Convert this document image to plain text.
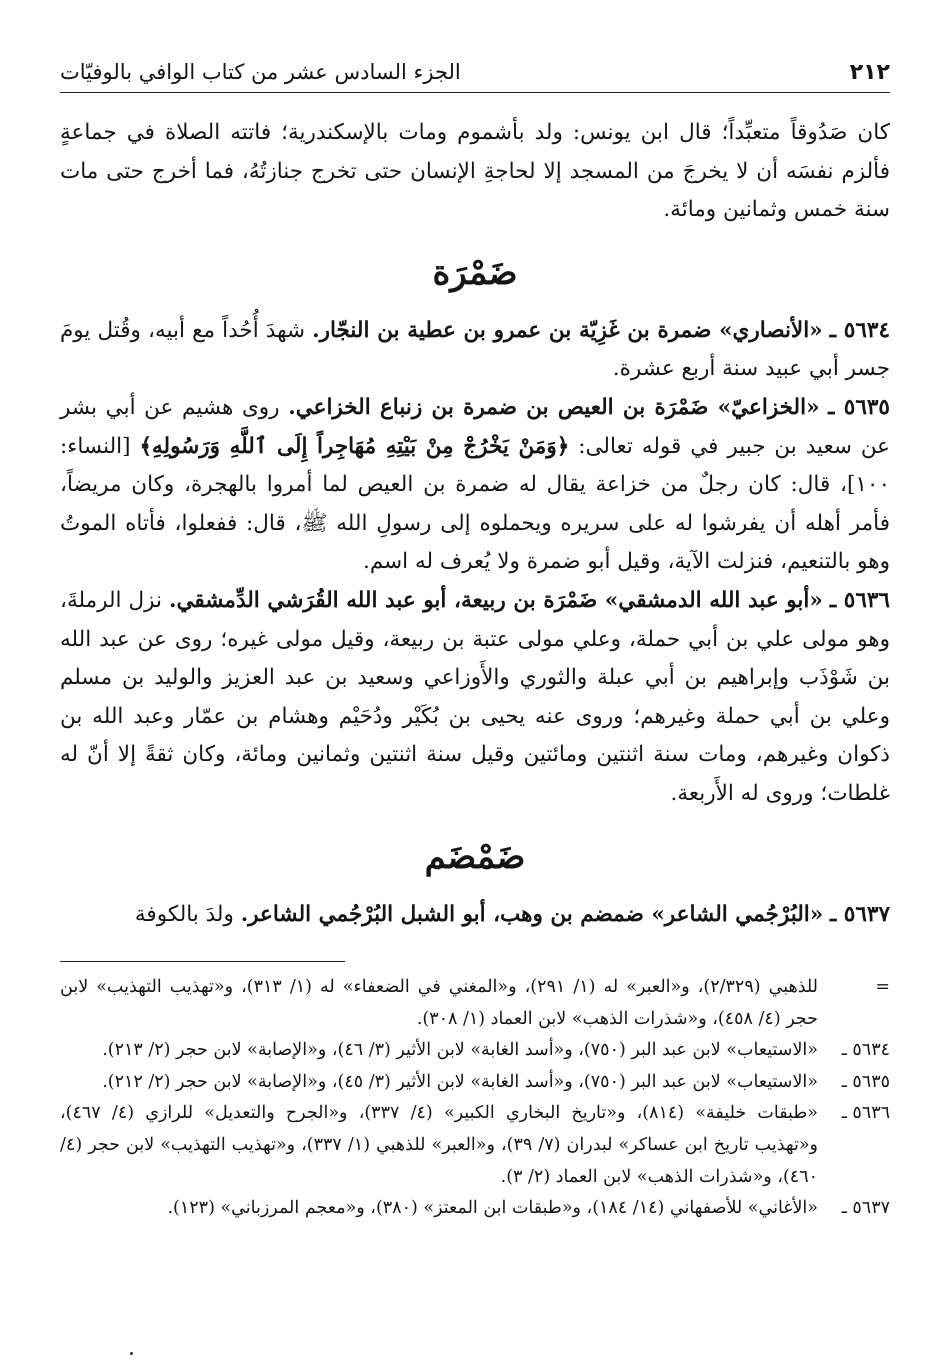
٢١٢
الجزء السادس عشر من كتاب الوافي بالوفيّات

كان صَدُوقاً متعبِّداً؛ قال ابن يونس: ولد بأشموم ومات بالإسكندرية؛ فاتته الصلاة في جماعةٍ فألزم نفسَه أن لا يخرجَ من المسجد إلا لحاجةِ الإنسان حتى تخرج جنازتُهُ، فما أخرج حتى مات سنة خمس وثمانين ومائة.

ضَمْرَة

٥٦٣٤ ـ «الأنصاري» ضمرة بن غَزِيّة بن عمرو بن عطية بن النجّار. شهدَ أُحُداً مع أبيه، وقُتل يومَ جسر أبي عبيد سنة أربع عشرة.

٥٦٣٥ ـ «الخزاعيّ» ضَمْرَة بن العيص بن ضمرة بن زنباع الخزاعي. روى هشيم عن أبي بشر عن سعيد بن جبير في قوله تعالى: ﴿وَمَنْ يَخْرُجْ مِنْ بَيْتِهِ مُهَاجِراً إِلَى ٱللَّهِ وَرَسُولِهِ﴾ [النساء: ١٠٠]، قال: كان رجلٌ من خزاعة يقال له ضمرة بن العيص لما أمروا بالهجرة، وكان مريضاً، فأمر أهله أن يفرشوا له على سريره ويحملوه إلى رسولِ الله ﷺ، قال: ففعلوا، فأتاه الموتُ وهو بالتنعيم، فنزلت الآية، وقيل أبو ضمرة ولا يُعرف له اسم.

٥٦٣٦ ـ «أبو عبد الله الدمشقي» ضَمْرَة بن ربيعة، أبو عبد الله القُرَشي الدِّمشقي. نزل الرملةَ، وهو مولى علي بن أبي حملة، وعلي مولى عتبة بن ربيعة، وقيل مولى غيره؛ روى عن عبد الله بن شَوْذَب وإبراهيم بن أبي عبلة والثوري والأَوزاعي وسعيد بن عبد العزيز والوليد بن مسلم وعلي بن أبي حملة وغيرهم؛ وروى عنه يحيى بن بُكَيْر ودُحَيْم وهشام بن عمّار وعبد الله بن ذكوان وغيرهم، ومات سنة اثنتين ومائتين وقيل سنة اثنتين وثمانين ومائة، وكان ثقةً إلا أنّ له غلطات؛ وروى له الأَربعة.

ضَمْضَم

٥٦٣٧ ـ «البُرْجُمي الشاعر» ضمضم بن وهب، أبو الشبل البُرْجُمي الشاعر. ولدَ بالكوفة

=
للذهبي (٢/٣٢٩)، و«العبر» له (١/ ٢٩١)، و«المغني في الضعفاء» له (١/ ٣١٣)، و«تهذيب التهذيب» لابن حجر (٤/ ٤٥٨)، و«شذرات الذهب» لابن العماد (١/ ٣٠٨).
٥٦٣٤ ـ
«الاستيعاب» لابن عبد البر (٧٥٠)، و«أسد الغابة» لابن الأثير (٣/ ٤٦)، و«الإصابة» لابن حجر (٢/ ٢١٣).
٥٦٣٥ ـ
«الاستيعاب» لابن عبد البر (٧٥٠)، و«أسد الغابة» لابن الأثير (٣/ ٤٥)، و«الإصابة» لابن حجر (٢/ ٢١٢).
٥٦٣٦ ـ
«طبقات خليفة» (٨١٤)، و«تاريخ البخاري الكبير» (٤/ ٣٣٧)، و«الجرح والتعديل» للرازي (٤/ ٤٦٧)، و«تهذيب تاريخ ابن عساكر» لبدران (٧/ ٣٩)، و«العبر» للذهبي (١/ ٣٣٧)، و«تهذيب التهذيب» لابن حجر (٤/ ٤٦٠)، و«شذرات الذهب» لابن العماد (٢/ ٣).
٥٦٣٧ ـ
«الأغاني» للأصفهاني (١٤/ ١٨٤)، و«طبقات ابن المعتز» (٣٨٠)، و«معجم المرزباني» (١٢٣).
